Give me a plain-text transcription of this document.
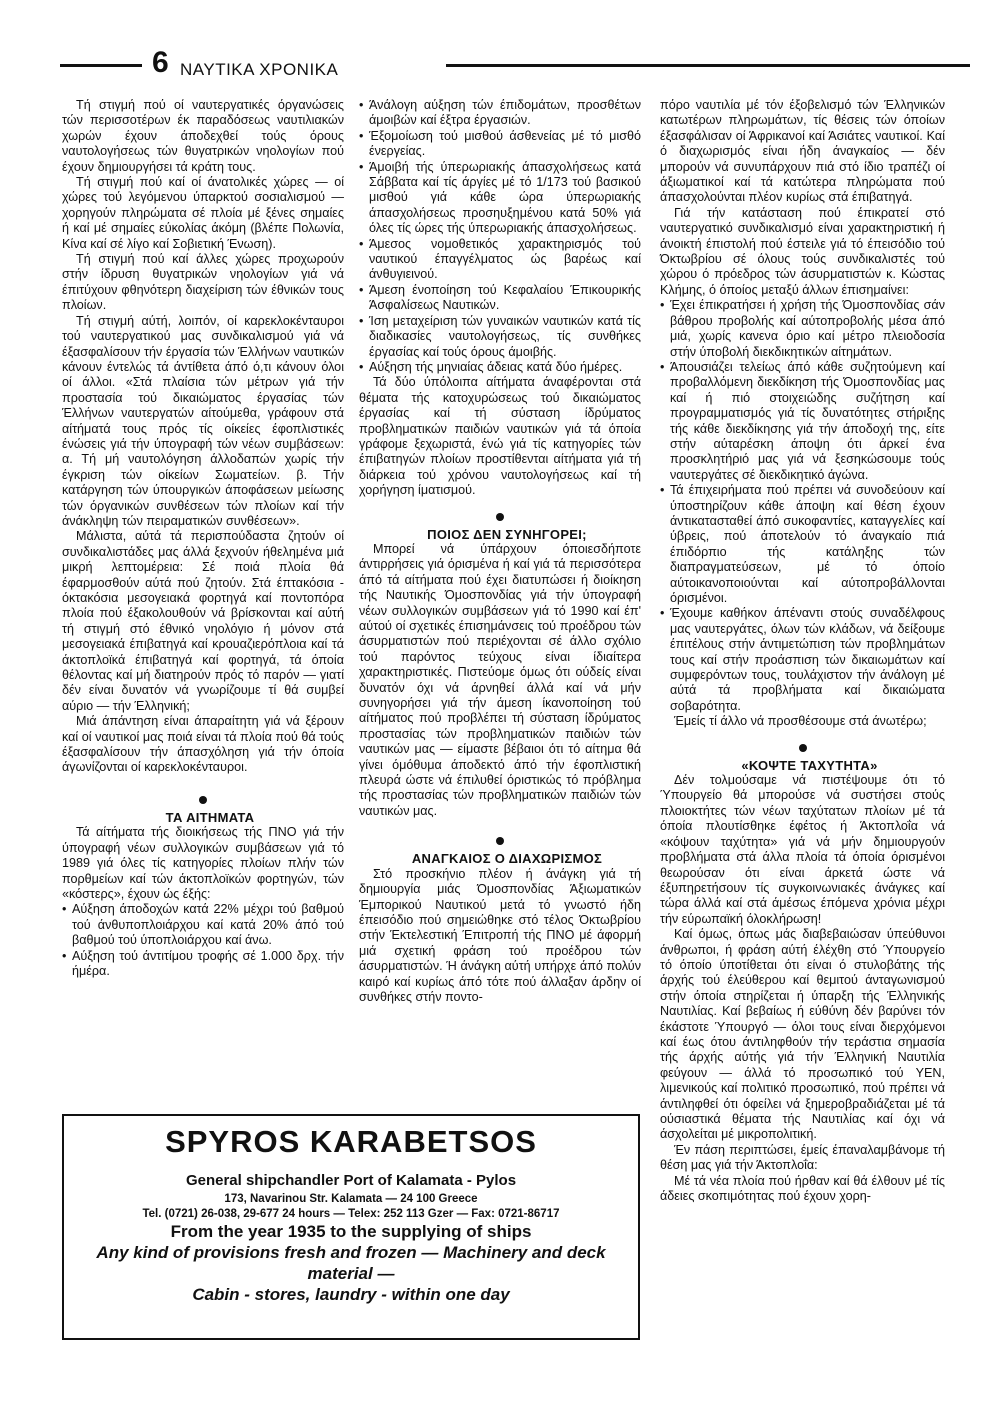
6 ΝΑΥΤΙΚΑ ΧΡΟΝΙΚΑ

Τή στιγμή πού οί ναυτεργατικές όργανώσεις τών περισσοτέρων έκ παραδόσεως ναυτιλιακών χωρών έχουν άποδεχθεί τούς όρους ναυτολογήσεως τών θυγατρικών νηολογίων πού έχουν δημιουργήσει τά κράτη τους.

Τή στιγμή πού καί οί άνατολικές χώρες — οί χώρες τού λεγόμενου ύπαρκτού σοσιαλισμού — χορηγούν πληρώματα σέ πλοία μέ ξένες σημαίες ή καί μέ σημαίες εύκολίας άκόμη (βλέπε Πολωνία, Κίνα καί σέ λίγο καί Σοβιετική Ένωση).

Τή στιγμή πού καί άλλες χώρες προχωρούν στήν ίδρυση θυγατρικών νηολογίων γιά νά έπιτύχουν φθηνότερη διαχείριση τών έθνικών τους πλοίων.

Τή στιγμή αύτή, λοιπόν, οί καρεκλοκένταυροι τού ναυτεργατικού μας συνδικαλισμού γιά νά έξασφαλίσουν τήν έργασία τών Έλλήνων ναυτικών κάνουν έντελώς τά άντίθετα άπό ό,τι κάνουν όλοι οί άλλοι. «Στά πλαίσια τών μέτρων γιά τήν προστασία τού δικαιώματος έργασίας τών Έλλήνων ναυτεργατών αίτούμεθα, γράφουν στά αίτήματά τους πρός τίς οίκείες έφοπλιστικές ένώσεις γιά τήν ύπογραφή τών νέων συμβάσεων: α. Τή μή ναυτολόγηση άλλοδαπών χωρίς τήν έγκριση τών οίκείων Σωματείων. β. Τήν κατάργηση τών ύπουργικών άποφάσεων μείωσης τών όργανικών συνθέσεων τών πλοίων καί τήν άνάκληψη τών πειραματικών συνθέσεων».

Μάλιστα, αύτά τά περισπούδαστα ζητούν οί συνδικαλιστάδες μας άλλά ξεχνούν ήθελημένα μιά μικρή λεπτομέρεια: Σέ ποιά πλοία θά έφαρμοσθούν αύτά πού ζητούν. Στά έπτακόσια - όκτακόσια μεσογειακά φορτηγά καί ποντοπόρα πλοία πού έξακολουθούν νά βρίσκονται καί αύτή τή στιγμή στό έθνικό νηολόγιο ή μόνον στά μεσογειακά έπιβατηγά καί κρουαζιερόπλοια καί τά άκτοπλοϊκά έπιβατηγά καί φορτηγά, τά όποία θέλοντας καί μή διατηρούν πρός τό παρόν — γιατί δέν είναι δυνατόν νά γνωρίζουμε τί θά συμβεί αύριο — τήν Έλληνική;

Μιά άπάντηση είναι άπαραίτητη γιά νά ξέρουν καί οί ναυτικοί μας ποιά είναι τά πλοία πού θά τούς έξασφαλίσουν τήν άπασχόληση γιά τήν όποία άγωνίζονται οί καρεκλοκένταυροι.

ΤΑ ΑΙΤΗΜΑΤΑ

Τά αίτήματα τής διοικήσεως τής ΠΝΟ γιά τήν ύπογραφή νέων συλλογικών συμβάσεων γιά τό 1989 γιά όλες τίς κατηγορίες πλοίων πλήν τών πορθμείων καί τών άκτοπλοϊκών φορτηγών, τών «κόστερς», έχουν ώς έξής:

• Αύξηση άποδοχών κατά 22% μέχρι τού βαθμού τού άνθυποπλοιάρχου καί κατά 20% άπό τού βαθμού τού ύποπλοιάρχου καί άνω.

• Αύξηση τού άντιτίμου τροφής σέ 1.000 δρχ. τήν ήμέρα.

• Άνάλογη αύξηση τών έπιδομάτων, προσθέτων άμοιβών καί έξτρα έργασιών.

• Έξομοίωση τού μισθού άσθενείας μέ τό μισθό ένεργείας.

• Άμοιβή τής ύπερωριακής άπασχολήσεως κατά Σάββατα καί τίς άργίες μέ τό 1/173 τού βασικού μισθού γιά κάθε ώρα ύπερωριακής άπασχολήσεως προσηυξημένου κατά 50% γιά όλες τίς ώρες τής ύπερωριακής άπασχολήσεως.

• Άμεσος νομοθετικός χαρακτηρισμός τού ναυτικού έπαγγέλματος ώς βαρέως καί άνθυγιεινού.

• Άμεση ένοποίηση τού Κεφαλαίου Έπικουρικής Άσφαλίσεως Ναυτικών.

• Ίση μεταχείριση τών γυναικών ναυτικών κατά τίς διαδικασίες ναυτολογήσεως, τίς συνθήκες έργασίας καί τούς όρους άμοιβής.

• Αύξηση τής μηνιαίας άδειας κατά δύο ήμέρες.

Τά δύο ύπόλοιπα αίτήματα άναφέρονται στά θέματα τής κατοχυρώσεως τού δικαιώματος έργασίας καί τή σύσταση ίδρύματος προβληματικών παιδιών ναυτικών γιά τά όποία γράφομε ξεχωριστά, ένώ γιά τίς κατηγορίες τών έπιβατηγών πλοίων προστίθενται αίτήματα γιά τή διάρκεια τού χρόνου ναυτολογήσεως καί τή χορήγηση ίματισμού.

ΠΟΙΟΣ ΔΕΝ ΣΥΝΗΓΟΡΕΙ;

Μπορεί νά ύπάρχουν όποιεσδήποτε άντιρρήσεις γιά όρισμένα ή καί γιά τά περισσότερα άπό τά αίτήματα πού έχει διατυπώσει ή διοίκηση τής Ναυτικής Όμοσπονδίας γιά τήν ύπογραφή νέων συλλογικών συμβάσεων γιά τό 1990 καί έπ' αύτού οί σχετικές έπισημάνσεις τού προέδρου τών άσυρματιστών πού περιέχονται σέ άλλο σχόλιο τού παρόντος τεύχους είναι ίδιαίτερα χαρακτηριστικές. Πιστεύομε όμως ότι ούδείς είναι δυνατόν όχι νά άρνηθεί άλλά καί νά μήν συνηγορήσει γιά τήν άμεση ίκανοποίηση τού αίτήματος πού προβλέπει τή σύσταση ίδρύματος προστασίας τών προβληματικών παιδιών τών ναυτικών μας — είμαστε βέβαιοι ότι τό αίτημα θά γίνει όμόθυμα άποδεκτό άπό τήν έφοπλιστική πλευρά ώστε νά έπιλυθεί όριστικώς τό πρόβλημα τής προστασίας τών προβληματικών παιδιών τών ναυτικών μας.

ΑΝΑΓΚΑΙΟΣ Ο ΔΙΑΧΩΡΙΣΜΟΣ

Στό προσκήνιο πλέον ή άνάγκη γιά τή δημιουργία μιάς Όμοσπονδίας Άξιωματικών Έμπορικού Ναυτικού μετά τό γνωστό ήδη έπεισόδιο πού σημειώθηκε στό τέλος Όκτωβρίου στήν Έκτελεστική Έπιτροπή τής ΠΝΟ μέ άφορμή μιά σχετική φράση τού προέδρου τών άσυρματιστών. Ή άνάγκη αύτή υπήρχε άπό πολύν καιρό καί κυρίως άπό τότε πού άλλαξαν άρδην οί συνθήκες στήν ποντο-

πόρο ναυτιλία μέ τόν έξοβελισμό τών Έλληνικών κατωτέρων πληρωμάτων, τίς θέσεις τών όποίων έξασφάλισαν οί Άφρικανοί καί Άσιάτες ναυτικοί. Καί ό διαχωρισμός είναι ήδη άναγκαίος — δέν μπορούν νά συνυπάρχουν πιά στό ίδιο τραπέζι οί άξιωματικοί καί τά κατώτερα πληρώματα πού άπασχολούνται πλέον κυρίως στά έπιβατηγά.

Γιά τήν κατάσταση πού έπικρατεί στό ναυτεργατικό συνδικαλισμό είναι χαρακτηριστική ή άνοικτή έπιστολή πού έστειλε γιά τό έπεισόδιο τού Όκτωβρίου σέ όλους τούς συνδικαλιστές τού χώρου ό πρόεδρος τών άσυρματιστών κ. Κώστας Κλήμης, ό όποίος μεταξύ άλλων έπισημαίνει:

• Έχει έπικρατήσει ή χρήση τής Όμοσπονδίας σάν βάθρου προβολής καί αύτοπροβολής μέσα άπό μιά, χωρίς κανενα όριο καί μέτρο πλειοδοσία στήν ύποβολή διεκδικητικών αίτημάτων.

• Άπουσιάζει τελείως άπό κάθε συζητούμενη καί προβαλλόμενη διεκδίκηση τής Όμοσπονδίας μας καί ή πιό στοιχειώδης συζήτηση καί προγραμματισμός γιά τίς δυνατότητες στήριξης τής κάθε διεκδίκησης γιά τήν άποδοχή της, είτε στήν αύταρέσκη άποψη ότι άρκεί ένα προσκλητήριό μας γιά νά ξεσηκώσουμε τούς ναυτεργάτες σέ διεκδικητικό άγώνα.

• Τά έπιχειρήματα πού πρέπει νά συνοδεύουν καί ύποστηρίζουν κάθε άποψη καί θέση έχουν άντικατασταθεί άπό συκοφαντίες, καταγγελίες καί ύβρεις, πού άποτελούν τό άναγκαίο πιά έπιδόρπιο τής κατάληξης τών διαπραγματεύσεων, μέ τό όποίο αύτοικανοποιούνται καί αύτοπροβάλλονται όρισμένοι.

• Έχουμε καθήκον άπέναντι στούς συναδέλφους μας ναυτεργάτες, όλων τών κλάδων, νά δείξουμε έπιτέλους στήν άντιμετώπιση τών προβλημάτων τους καί στήν προάσπιση τών δικαιωμάτων καί συμφερόντων τους, τουλάχιστον τήν άνάλογη μέ αύτά τά προβλήματα καί δικαιώματα σοβαρότητα.

Έμείς τί άλλο νά προσθέσουμε στά άνωτέρω;

«ΚΟΨΤΕ ΤΑΧΥΤΗΤΑ»

Δέν τολμούσαμε νά πιστέψουμε ότι τό Ύπουργείο θά μπορούσε νά συστήσει στούς πλοιοκτήτες τών νέων ταχύτατων πλοίων μέ τά όποία πλουτίσθηκε έφέτος ή Άκτοπλοΐα νά «κόψουν ταχύτητα» γιά νά μήν δημιουργούν προβλήματα στά άλλα πλοία τά όποία όρισμένοι θεωρούσαν ότι είναι άρκετά ώστε νά έξυπηρετήσουν τίς συγκοινωνιακές άνάγκες καί τώρα άλλά καί στά άμέσως έπόμενα χρόνια μέχρι τήν εύρωπαϊκή όλοκλήρωση!

Καί όμως, όπως μάς διαβεβαιώσαν ύπεύθυνοι άνθρωποι, ή φράση αύτή έλέχθη στό Ύπουργείο τό όποίο ύποτίθεται ότι είναι ό στυλοβάτης τής άρχής τού έλεύθερου καί θεμιτού άνταγωνισμού στήν όποία στηρίζεται ή ύπαρξη τής Έλληνικής Ναυτιλίας. Καί βεβαίως ή εύθύνη δέν βαρύνει τόν έκάστοτε Ύπουργό — όλοι τους είναι διερχόμενοι καί έως ότου άντιληφθούν τήν τεράστια σημασία τής άρχής αύτής γιά τήν Έλληνική Ναυτιλία φεύγουν — άλλά τό προσωπικό τού ΥΕΝ, λιμενικούς καί πολιτικό προσωπικό, πού πρέπει νά άντιληφθεί ότι όφείλει νά ξημεροβραδιάζεται μέ τά ούσιαστικά θέματα τής Ναυτιλίας καί όχι νά άσχολείται μέ μικροπολιτική.

Έν πάση περιπτώσει, έμείς έπαναλαμβάνομε τή θέση μας γιά τήν Άκτοπλοΐα:

Μέ τά νέα πλοία πού ήρθαν καί θά έλθουν μέ τίς άδειες σκοπιμότητας πού έχουν χορη-

SPYROS KARABETSOS
General shipchandler Port of Kalamata - Pylos
173, Navarinou Str. Kalamata — 24 100 Greece
Tel. (0721) 26-038, 29-677 24 hours — Telex: 252 113 Gzer — Fax: 0721-86717
From the year 1935 to the supplying of ships
Any kind of provisions fresh and frozen — Machinery and deck material —
Cabin - stores, laundry - within one day
